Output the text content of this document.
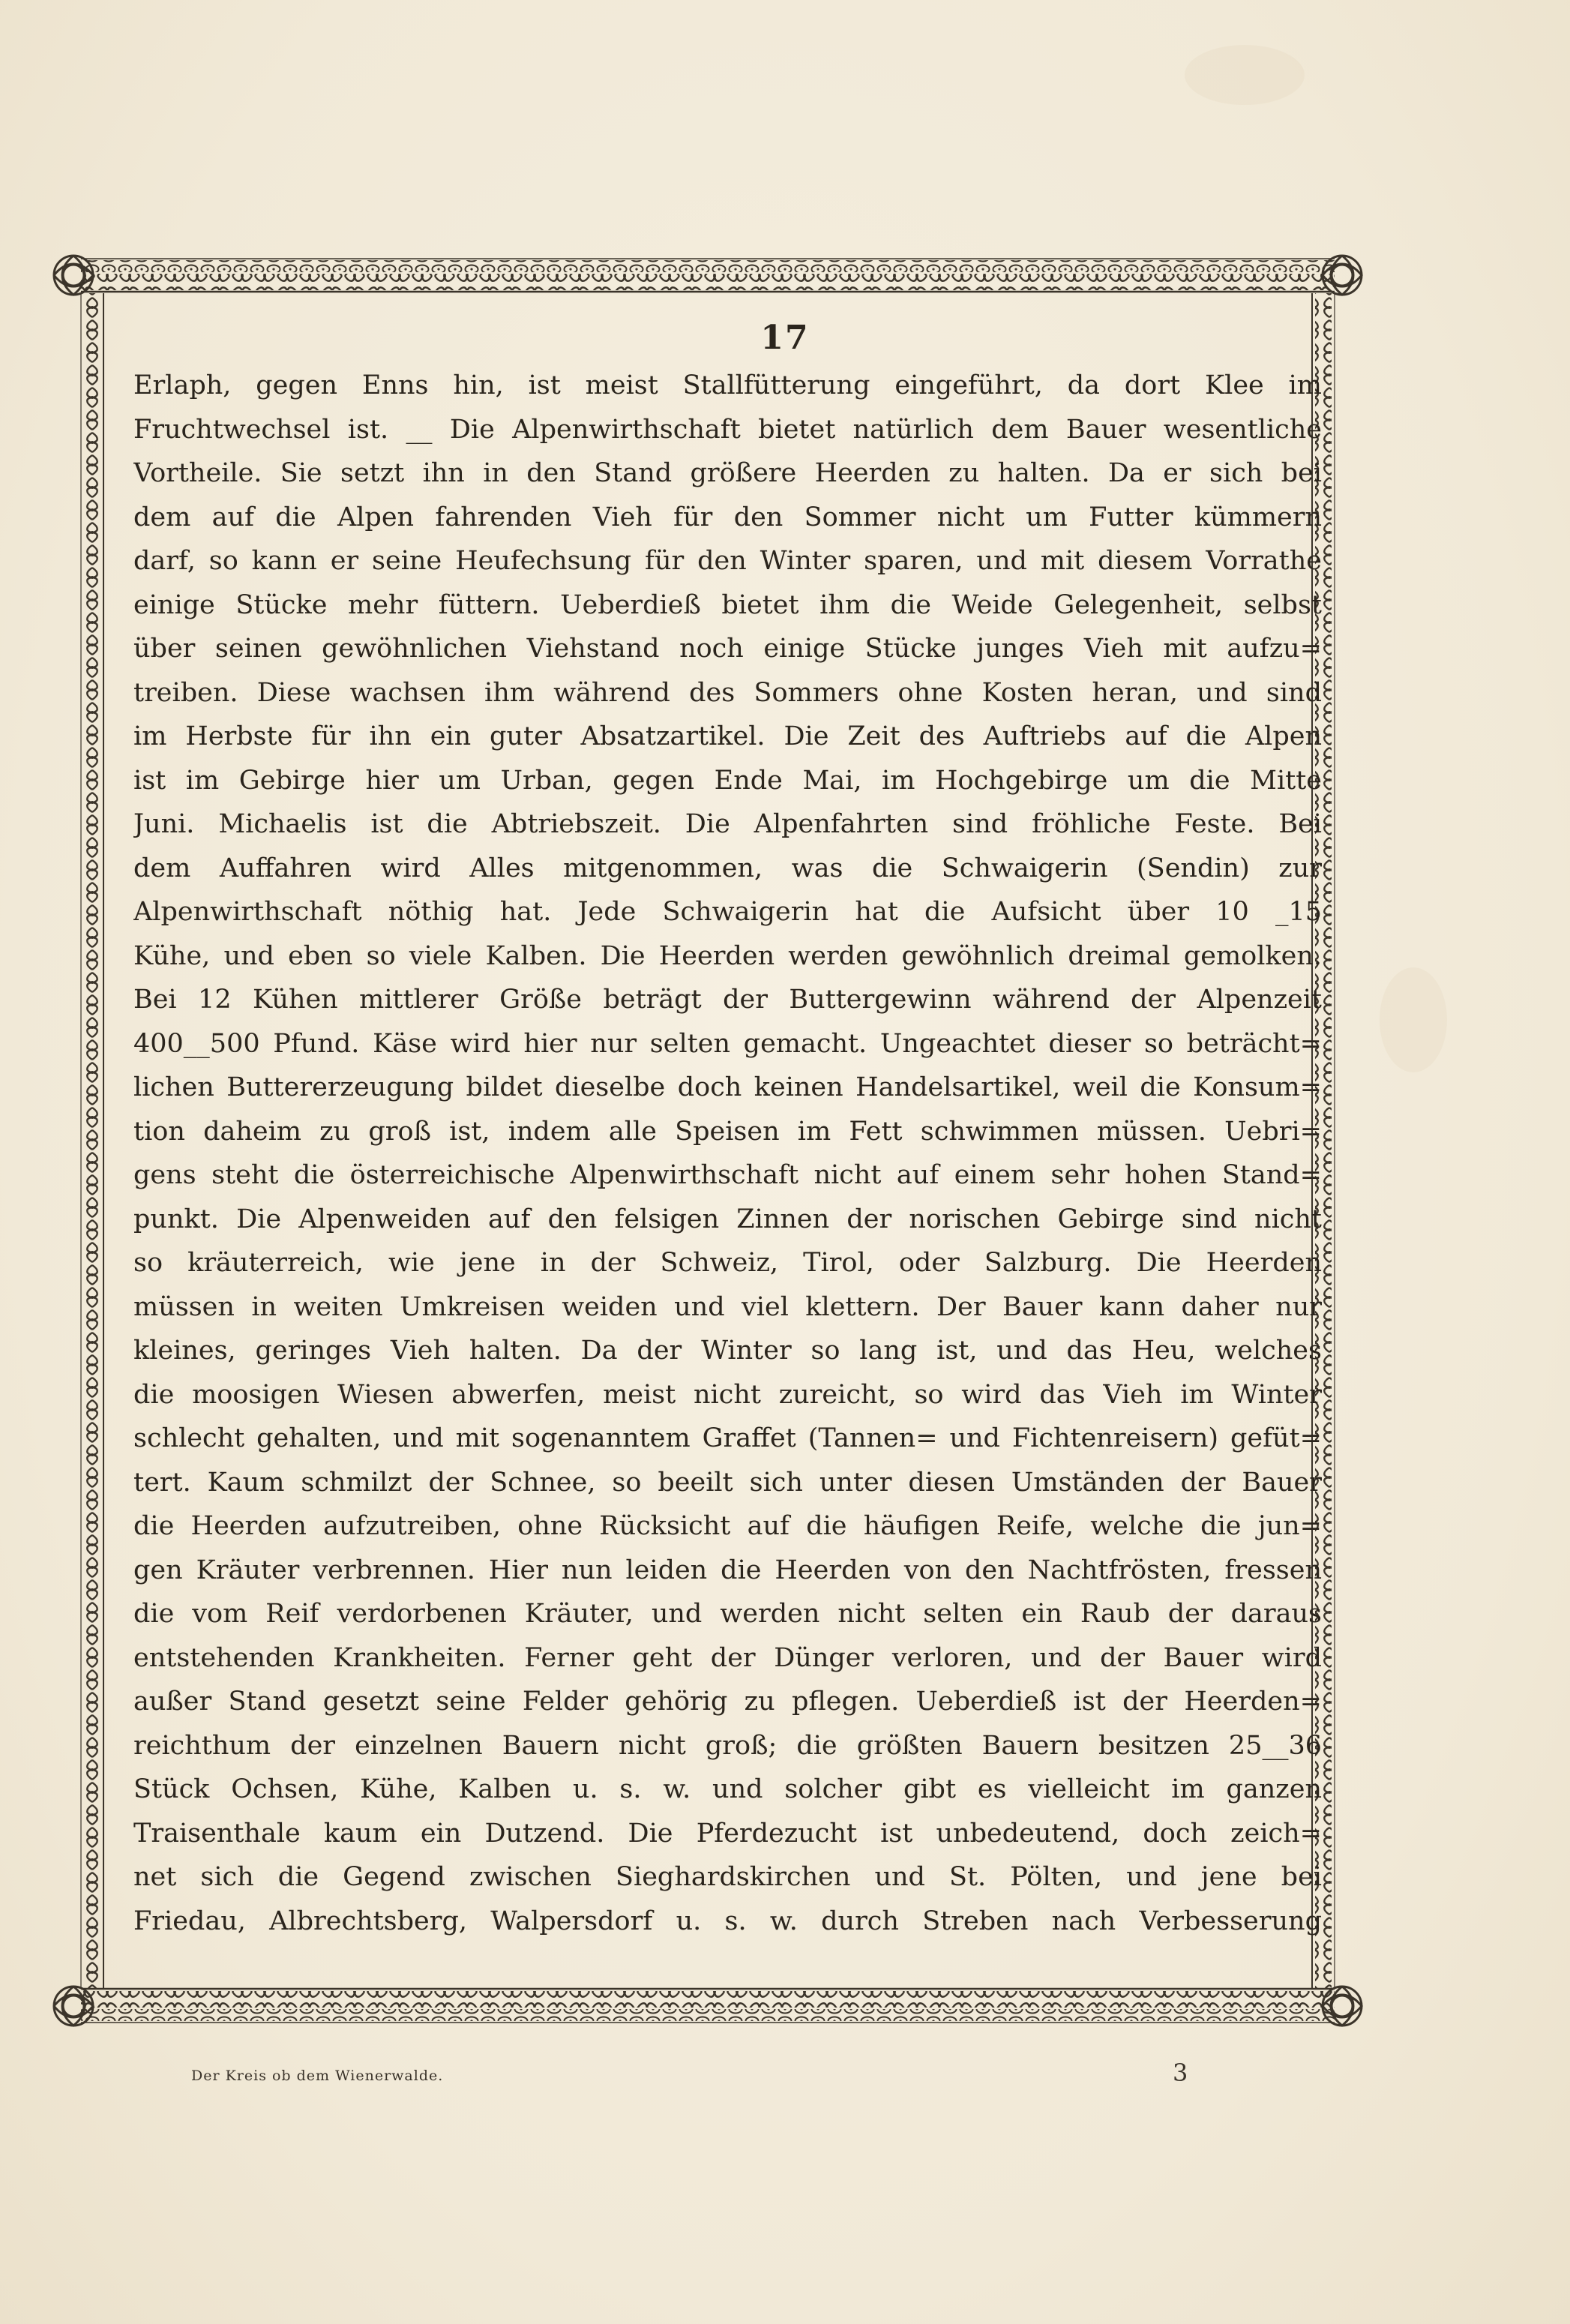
17
Erlaph, gegen Enns hin, ist meist Stallfütterung eingeführt, da dort Klee im
Fruchtwechsel ist. __ Die Alpenwirthschaft bietet natürlich dem Bauer wesentliche
Vortheile. Sie setzt ihn in den Stand größere Heerden zu halten. Da er sich bei
dem auf die Alpen fahrenden Vieh für den Sommer nicht um Futter kümmern
darf, so kann er seine Heufechsung für den Winter sparen, und mit diesem Vorrathe
einige Stücke mehr füttern. Ueberdieß bietet ihm die Weide Gelegenheit, selbst
über seinen gewöhnlichen Viehstand noch einige Stücke junges Vieh mit aufzu=
treiben. Diese wachsen ihm während des Sommers ohne Kosten heran, und sind
im Herbste für ihn ein guter Absatzartikel. Die Zeit des Auftriebs auf die Alpen
ist im Gebirge hier um Urban, gegen Ende Mai, im Hochgebirge um die Mitte
Juni. Michaelis ist die Abtriebszeit. Die Alpenfahrten sind fröhliche Feste. Bei
dem Auffahren wird Alles mitgenommen, was die Schwaigerin (Sendin) zur
Alpenwirthschaft nöthig hat. Jede Schwaigerin hat die Aufsicht über 10 _15
Kühe, und eben so viele Kalben. Die Heerden werden gewöhnlich dreimal gemolken.
Bei 12 Kühen mittlerer Größe beträgt der Buttergewinn während der Alpenzeit
400__500 Pfund. Käse wird hier nur selten gemacht. Ungeachtet dieser so beträcht=
lichen Buttererzeugung bildet dieselbe doch keinen Handelsartikel, weil die Konsum=
tion daheim zu groß ist, indem alle Speisen im Fett schwimmen müssen. Uebri=
gens steht die österreichische Alpenwirthschaft nicht auf einem sehr hohen Stand=
punkt. Die Alpenweiden auf den felsigen Zinnen der norischen Gebirge sind nicht
so kräuterreich, wie jene in der Schweiz, Tirol, oder Salzburg. Die Heerden
müssen in weiten Umkreisen weiden und viel klettern. Der Bauer kann daher nur
kleines, geringes Vieh halten. Da der Winter so lang ist, und das Heu, welches
die moosigen Wiesen abwerfen, meist nicht zureicht, so wird das Vieh im Winter
schlecht gehalten, und mit sogenanntem Graffet (Tannen= und Fichtenreisern) gefüt=
tert. Kaum schmilzt der Schnee, so beeilt sich unter diesen Umständen der Bauer
die Heerden aufzutreiben, ohne Rücksicht auf die häufigen Reife, welche die jun=
gen Kräuter verbrennen. Hier nun leiden die Heerden von den Nachtfrösten, fressen
die vom Reif verdorbenen Kräuter, und werden nicht selten ein Raub der daraus
entstehenden Krankheiten. Ferner geht der Dünger verloren, und der Bauer wird
außer Stand gesetzt seine Felder gehörig zu pflegen. Ueberdieß ist der Heerden=
reichthum der einzelnen Bauern nicht groß; die größten Bauern besitzen 25__36
Stück Ochsen, Kühe, Kalben u. s. w. und solcher gibt es vielleicht im ganzen
Traisenthale kaum ein Dutzend. Die Pferdezucht ist unbedeutend, doch zeich=
net sich die Gegend zwischen Sieghardskirchen und St. Pölten, und jene bei
Friedau, Albrechtsberg, Walpersdorf u. s. w. durch Streben nach Verbesserung
Der Kreis ob dem Wienerwalde.	3
